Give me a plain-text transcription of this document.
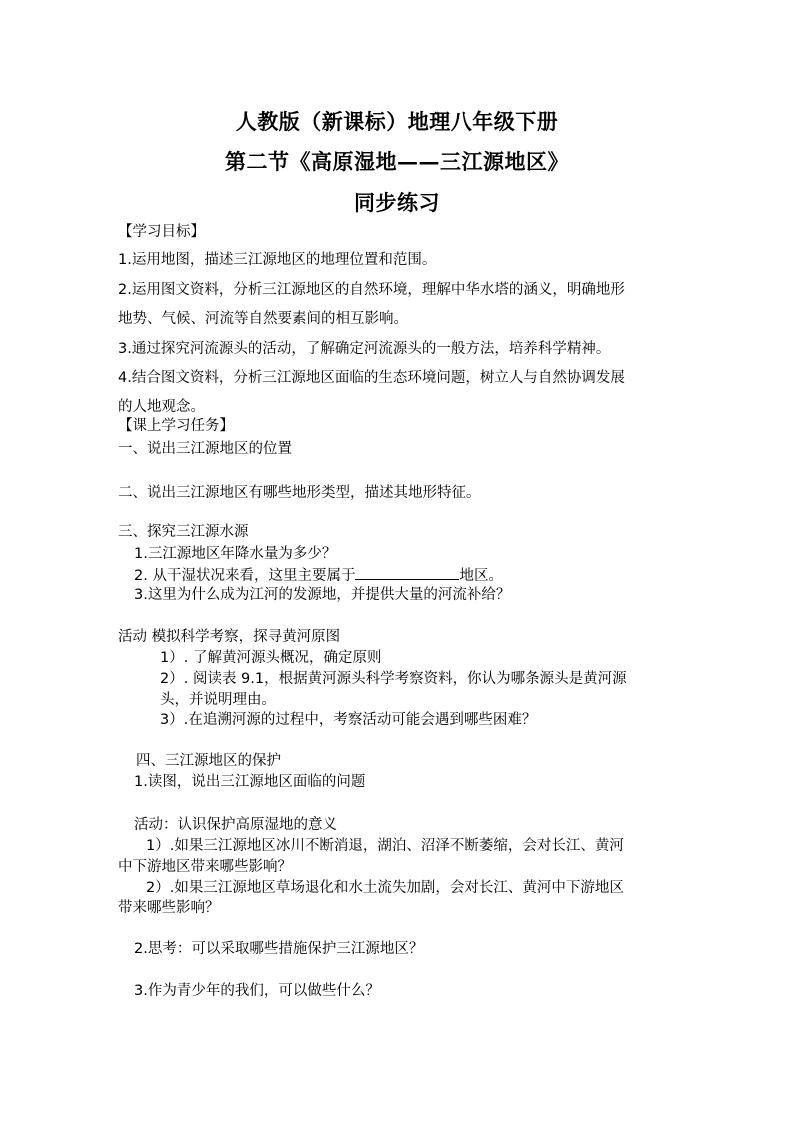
人教版（新课标）地理八年级下册
第二节《高原湿地——三江源地区》
同步练习
【学习目标】
1.运用地图，描述三江源地区的地理位置和范围。
2.运用图文资料，分析三江源地区的自然环境，理解中华水塔的涵义，明确地形
地势、气候、河流等自然要素间的相互影响。
3.通过探究河流源头的活动，了解确定河流源头的一般方法，培养科学精神。
4.结合图文资料，分析三江源地区面临的生态环境问题，树立人与自然协调发展
的人地观念。
【课上学习任务】
一、说出三江源地区的位置
二、说出三江源地区有哪些地形类型，描述其地形特征。
三、探究三江源水源
1.三江源地区年降水量为多少？
2. 从干湿状况来看，这里主要属于	地区。
3.这里为什么成为江河的发源地，并提供大量的河流补给？
活动 模拟科学考察，探寻黄河原图
1）. 了解黄河源头概况，确定原则
2）. 阅读表 9.1，根据黄河源头科学考察资料，你认为哪条源头是黄河源
头，并说明理由。
3）.在追溯河源的过程中，考察活动可能会遇到哪些困难？
四、三江源地区的保护
1.读图，说出三江源地区面临的问题
活动：认识保护高原湿地的意义
1）.如果三江源地区冰川不断消退，湖泊、沼泽不断萎缩，会对长江、黄河
中下游地区带来哪些影响？
2）.如果三江源地区草场退化和水土流失加剧，会对长江、黄河中下游地区
带来哪些影响？
2.思考：可以采取哪些措施保护三江源地区？
3.作为青少年的我们，可以做些什么？
